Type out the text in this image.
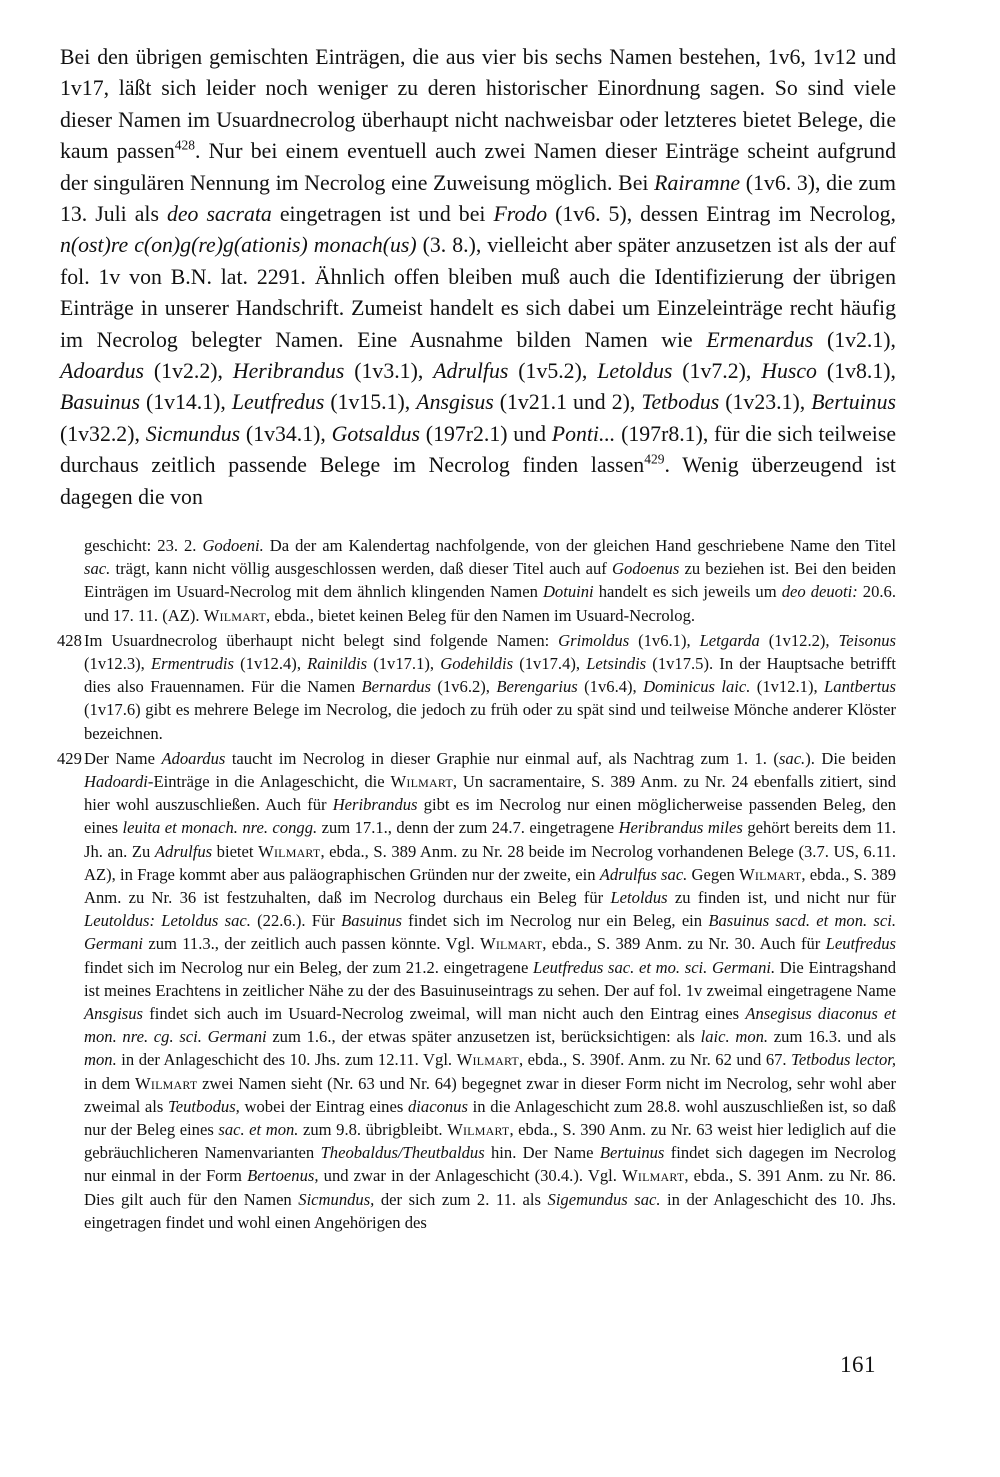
Bei den übrigen gemischten Einträgen, die aus vier bis sechs Namen bestehen, 1v6, 1v12 und 1v17, läßt sich leider noch weniger zu deren historischer Einordnung sagen. So sind viele dieser Namen im Usuardnecrolog überhaupt nicht nachweisbar oder letzteres bietet Belege, die kaum passen$^{428}$. Nur bei einem eventuell auch zwei Namen dieser Einträge scheint aufgrund der singulären Nennung im Necrolog eine Zuweisung möglich. Bei Rairamne (1v6. 3), die zum 13. Juli als deo sacrata eingetragen ist und bei Frodo (1v6. 5), dessen Eintrag im Necrolog, n(ost)re c(on)g(re)g(ationis) monach(us) (3. 8.), vielleicht aber später anzusetzen ist als der auf fol. 1v von B.N. lat. 2291. Ähnlich offen bleiben muß auch die Identifizierung der übrigen Einträge in unserer Handschrift. Zumeist handelt es sich dabei um Einzeleinträge recht häufig im Necrolog belegter Namen. Eine Ausnahme bilden Namen wie Ermenardus (1v2.1), Adoardus (1v2.2), Heribrandus (1v3.1), Adrulfus (1v5.2), Letoldus (1v7.2), Husco (1v8.1), Basuinus (1v14.1), Leutfredus (1v15.1), Ansgisus (1v21.1 und 2), Tetbodus (1v23.1), Bertuinus (1v32.2), Sicmundus (1v34.1), Gotsaldus (197r2.1) und Ponti... (197r8.1), für die sich teilweise durchaus zeitlich passende Belege im Necrolog finden lassen$^{429}$. Wenig überzeugend ist dagegen die von

geschicht: 23. 2. Godoeni. Da der am Kalendertag nachfolgende, von der gleichen Hand geschriebene Name den Titel sac. trägt, kann nicht völlig ausgeschlossen werden, daß dieser Titel auch auf Godoenus zu beziehen ist. Bei den beiden Einträgen im Usuard-Necrolog mit dem ähnlich klingenden Namen Dotuini handelt es sich jeweils um deo deuoti: 20.6. und 17. 11. (AZ). Wilmart, ebda., bietet keinen Beleg für den Namen im Usuard-Necrolog.
428 Im Usuardnecrolog überhaupt nicht belegt sind folgende Namen: Grimoldus (1v6.1), Letgarda (1v12.2), Teisonus (1v12.3), Ermentrudis (1v12.4), Rainildis (1v17.1), Godehildis (1v17.4), Letsindis (1v17.5). In der Hauptsache betrifft dies also Frauennamen. Für die Namen Bernardus (1v6.2), Berengarius (1v6.4), Dominicus laic. (1v12.1), Lantbertus (1v17.6) gibt es mehrere Belege im Necrolog, die jedoch zu früh oder zu spät sind und teilweise Mönche anderer Klöster bezeichnen.
429 Der Name Adoardus taucht im Necrolog in dieser Graphie nur einmal auf, als Nachtrag zum 1. 1. (sac.). Die beiden Hadoardi-Einträge in die Anlageschicht, die Wilmart, Un sacramentaire, S. 389 Anm. zu Nr. 24 ebenfalls zitiert, sind hier wohl auszuschließen. Auch für Heribrandus gibt es im Necrolog nur einen möglicherweise passenden Beleg, den eines leuita et monach. nre. congg. zum 17.1., denn der zum 24.7. eingetragene Heribrandus miles gehört bereits dem 11. Jh. an. Zu Adrulfus bietet Wilmart, ebda., S. 389 Anm. zu Nr. 28 beide im Necrolog vorhandenen Belege (3.7. US, 6.11. AZ), in Frage kommt aber aus paläographischen Gründen nur der zweite, ein Adrulfus sac. Gegen Wilmart, ebda., S. 389 Anm. zu Nr. 36 ist festzuhalten, daß im Necrolog durchaus ein Beleg für Letoldus zu finden ist, und nicht nur für Leutoldus: Letoldus sac. (22.6.). Für Basuinus findet sich im Necrolog nur ein Beleg, ein Basuinus sacd. et mon. sci. Germani zum 11.3., der zeitlich auch passen könnte. Vgl. Wilmart, ebda., S. 389 Anm. zu Nr. 30. Auch für Leutfredus findet sich im Necrolog nur ein Beleg, der zum 21.2. eingetragene Leutfredus sac. et mo. sci. Germani. Die Eintragshand ist meines Erachtens in zeitlicher Nähe zu der des Basuinuseintrags zu sehen. Der auf fol. 1v zweimal eingetragene Name Ansgisus findet sich auch im Usuard-Necrolog zweimal, will man nicht auch den Eintrag eines Ansegisus diaconus et mon. nre. cg. sci. Germani zum 1.6., der etwas später anzusetzen ist, berücksichtigen: als laic. mon. zum 16.3. und als mon. in der Anlageschicht des 10. Jhs. zum 12.11. Vgl. Wilmart, ebda., S. 390f. Anm. zu Nr. 62 und 67. Tetbodus lector, in dem Wilmart zwei Namen sieht (Nr. 63 und Nr. 64) begegnet zwar in dieser Form nicht im Necrolog, sehr wohl aber zweimal als Teutbodus, wobei der Eintrag eines diaconus in die Anlageschicht zum 28.8. wohl auszuschließen ist, so daß nur der Beleg eines sac. et mon. zum 9.8. übrigbleibt. Wilmart, ebda., S. 390 Anm. zu Nr. 63 weist hier lediglich auf die gebräuchlicheren Namenvarianten Theobaldus/Theutbaldus hin. Der Name Bertuinus findet sich dagegen im Necrolog nur einmal in der Form Bertoenus, und zwar in der Anlageschicht (30.4.). Vgl. Wilmart, ebda., S. 391 Anm. zu Nr. 86. Dies gilt auch für den Namen Sicmundus, der sich zum 2. 11. als Sigemundus sac. in der Anlageschicht des 10. Jhs. eingetragen findet und wohl einen Angehörigen des
161
